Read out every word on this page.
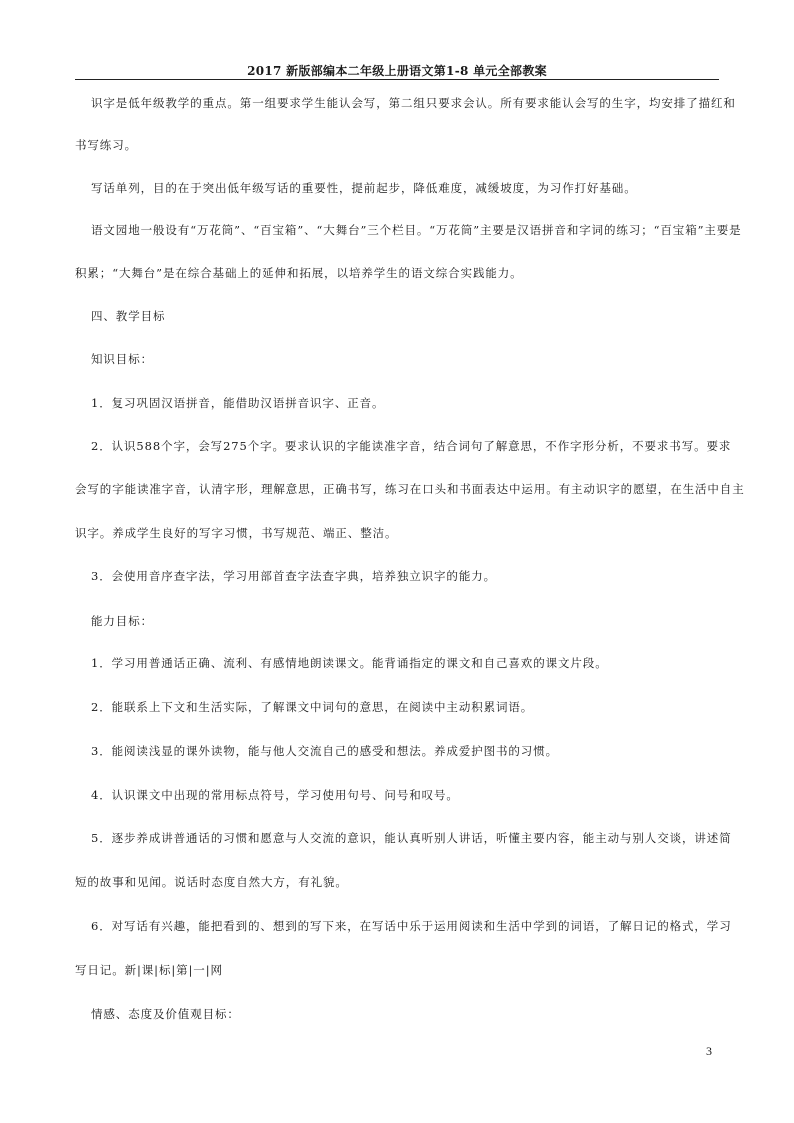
2017 新版部编本二年级上册语文第1-8 单元全部教案
识字是低年级教学的重点。第一组要求学生能认会写，第二组只要求会认。所有要求能认会写的生字，均安排了描红和
书写练习。
写话单列，目的在于突出低年级写话的重要性，提前起步，降低难度，减缓坡度，为习作打好基础。
语文园地一般设有“万花筒”、“百宝箱”、“大舞台”三个栏目。“万花筒”主要是汉语拼音和字词的练习；“百宝箱”主要是
积累；“大舞台”是在综合基础上的延伸和拓展，以培养学生的语文综合实践能力。
四、教学目标
知识目标：
1．复习巩固汉语拼音，能借助汉语拼音识字、正音。
2．认识588个字，会写275个字。要求认识的字能读准字音，结合词句了解意思，不作字形分析，不要求书写。要求
会写的字能读准字音，认清字形，理解意思，正确书写，练习在口头和书面表达中运用。有主动识字的愿望，在生活中自主
识字。养成学生良好的写字习惯，书写规范、端正、整洁。
3．会使用音序查字法，学习用部首查字法查字典，培养独立识字的能力。
能力目标：
1．学习用普通话正确、流利、有感情地朗读课文。能背诵指定的课文和自己喜欢的课文片段。
2．能联系上下文和生活实际，了解课文中词句的意思，在阅读中主动积累词语。
3．能阅读浅显的课外读物，能与他人交流自己的感受和想法。养成爱护图书的习惯。
4．认识课文中出现的常用标点符号，学习使用句号、问号和叹号。
5．逐步养成讲普通话的习惯和愿意与人交流的意识，能认真听别人讲话，听懂主要内容，能主动与别人交谈，讲述简
短的故事和见闻。说话时态度自然大方，有礼貌。
6．对写话有兴趣，能把看到的、想到的写下来，在写话中乐于运用阅读和生活中学到的词语，了解日记的格式，学习
写日记。新|课|标|第|一|网
情感、态度及价值观目标：
3
